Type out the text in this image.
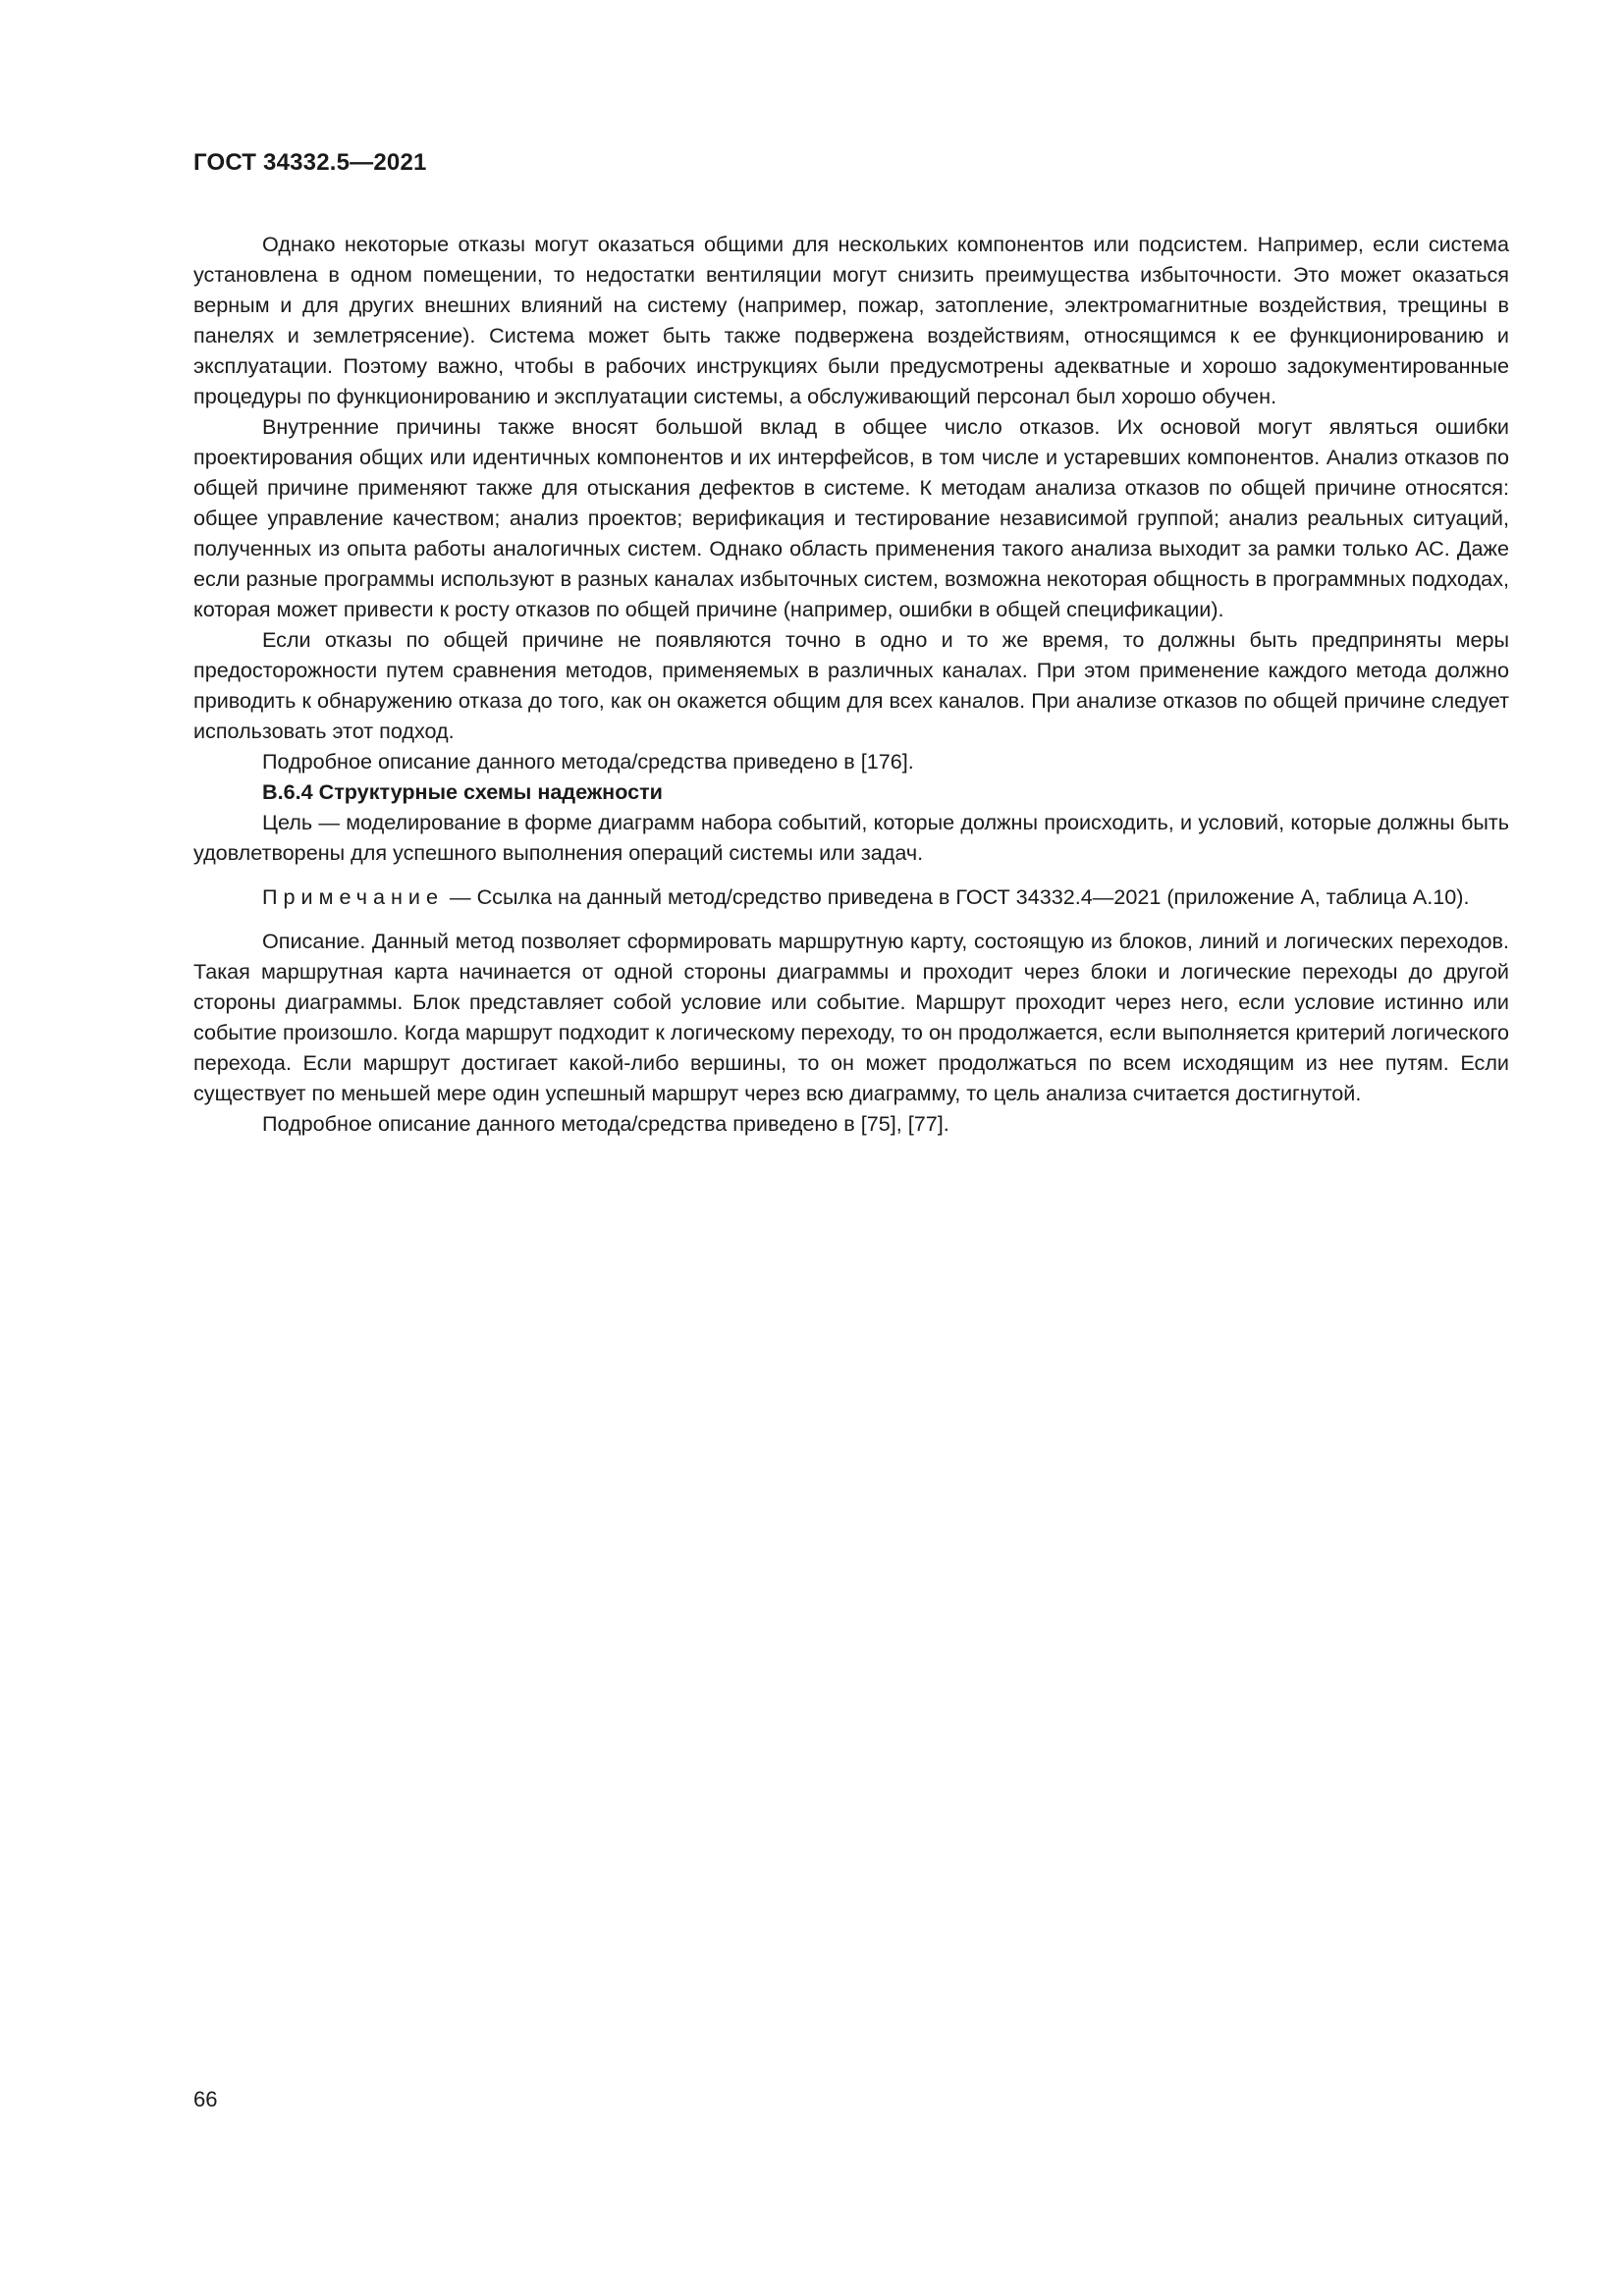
ГОСТ 34332.5—2021

Однако некоторые отказы могут оказаться общими для нескольких компонентов или подсистем. Например, если система установлена в одном помещении, то недостатки вентиляции могут снизить преимущества избыточности. Это может оказаться верным и для других внешних влияний на систему (например, пожар, затопление, электромагнитные воздействия, трещины в панелях и землетрясение). Система может быть также подвержена воздействиям, относящимся к ее функционированию и эксплуатации. Поэтому важно, чтобы в рабочих инструкциях были предусмотрены адекватные и хорошо задокументированные процедуры по функционированию и эксплуатации системы, а обслуживающий персонал был хорошо обучен.

Внутренние причины также вносят большой вклад в общее число отказов. Их основой могут являться ошибки проектирования общих или идентичных компонентов и их интерфейсов, в том числе и устаревших компонентов. Анализ отказов по общей причине применяют также для отыскания дефектов в системе. К методам анализа отказов по общей причине относятся: общее управление качеством; анализ проектов; верификация и тестирование независимой группой; анализ реальных ситуаций, полученных из опыта работы аналогичных систем. Однако область применения такого анализа выходит за рамки только АС. Даже если разные программы используют в разных каналах избыточных систем, возможна некоторая общность в программных подходах, которая может привести к росту отказов по общей причине (например, ошибки в общей спецификации).

Если отказы по общей причине не появляются точно в одно и то же время, то должны быть предприняты меры предосторожности путем сравнения методов, применяемых в различных каналах. При этом применение каждого метода должно приводить к обнаружению отказа до того, как он окажется общим для всех каналов. При анализе отказов по общей причине следует использовать этот подход.

Подробное описание данного метода/средства приведено в [176].

В.6.4 Структурные схемы надежности

Цель — моделирование в форме диаграмм набора событий, которые должны происходить, и условий, которые должны быть удовлетворены для успешного выполнения операций системы или задач.

Примечание — Ссылка на данный метод/средство приведена в ГОСТ 34332.4—2021 (приложение А, таблица А.10).

Описание. Данный метод позволяет сформировать маршрутную карту, состоящую из блоков, линий и логических переходов. Такая маршрутная карта начинается от одной стороны диаграммы и проходит через блоки и логические переходы до другой стороны диаграммы. Блок представляет собой условие или событие. Маршрут проходит через него, если условие истинно или событие произошло. Когда маршрут подходит к логическому переходу, то он продолжается, если выполняется критерий логического перехода. Если маршрут достигает какой-либо вершины, то он может продолжаться по всем исходящим из нее путям. Если существует по меньшей мере один успешный маршрут через всю диаграмму, то цель анализа считается достигнутой.

Подробное описание данного метода/средства приведено в [75], [77].

66
